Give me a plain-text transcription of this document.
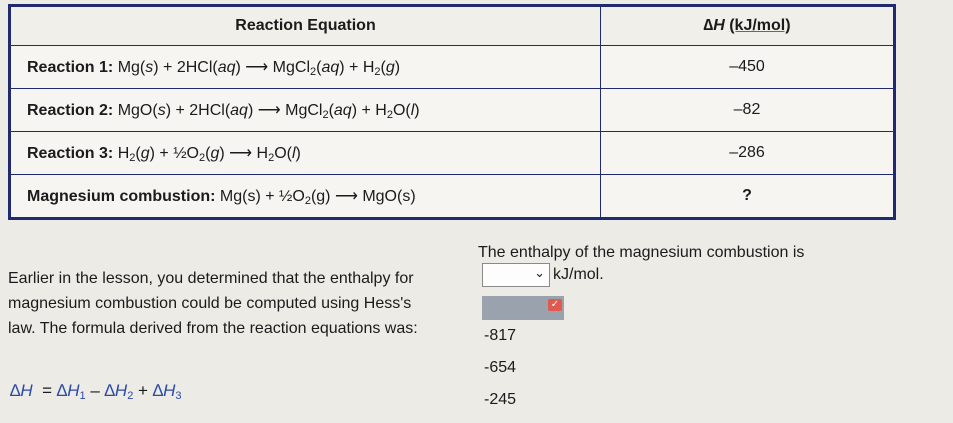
Reaction Equation	∆H (kJ/mol)
Reaction 1: Mg(s) + 2HCl(aq) ⟶ MgCl$_2$(aq) + $H_2(g)$	–450
Reaction 2: MgO(s) + 2HCl(aq) ⟶ MgCl$_2$(aq) + $H_2O(l)$	–82
Reaction 3: $H_2(g)$ + $\frac{1}{2}O_2(g)$ ⟶ $H_2O(l)$	–286
Magnesium combustion: $Mg(s) + \frac{1}{2}O_2(g)$ ⟶ MgO(s)	?
The enthalpy of the magnesium combustion is
⌄ kJ/mol.
Earlier in the lesson, you determined that the enthalpy for magnesium combustion could be computed using Hess's law. The formula derived from the reaction equations was:
$\Delta H = \Delta H_1 - \Delta H_2 + \Delta H_3$
✓
-817
-654
-245
